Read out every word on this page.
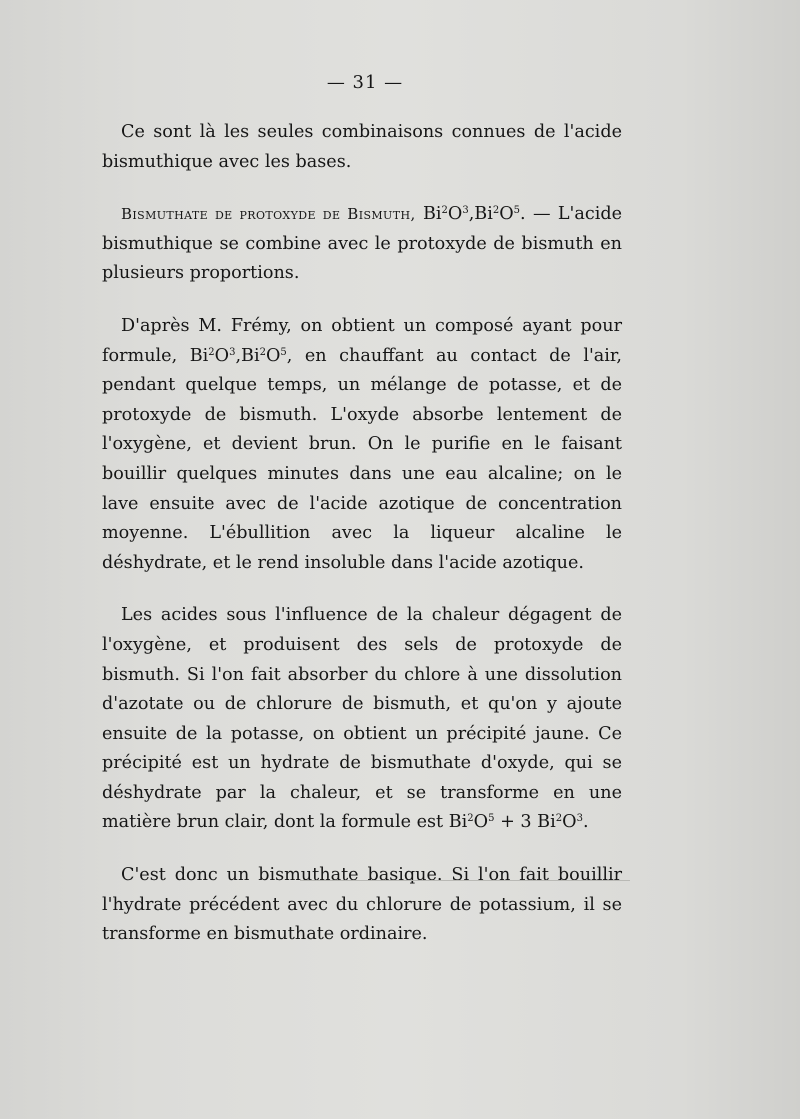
— 31 —

Ce sont là les seules combinaisons connues de l'acide bismuthique avec les bases.

Bismuthate de protoxyde de Bismuth, $Bi^2O^3,Bi^2O^5$. — L'acide bismuthique se combine avec le protoxyde de bismuth en plusieurs proportions.

D'après M. Frémy, on obtient un composé ayant pour formule, $Bi^2O^3,Bi^2O^5$, en chauffant au contact de l'air, pendant quelque temps, un mélange de potasse, et de protoxyde de bismuth. L'oxyde absorbe lentement de l'oxygène, et devient brun. On le purifie en le faisant bouillir quelques minutes dans une eau alcaline; on le lave ensuite avec de l'acide azotique de concentration moyenne. L'ébullition avec la liqueur alcaline le déshydrate, et le rend insoluble dans l'acide azotique.

Les acides sous l'influence de la chaleur dégagent de l'oxygène, et produisent des sels de protoxyde de bismuth. Si l'on fait absorber du chlore à une dissolution d'azotate ou de chlorure de bismuth, et qu'on y ajoute ensuite de la potasse, on obtient un précipité jaune. Ce précipité est un hydrate de bismuthate d'oxyde, qui se déshydrate par la chaleur, et se transforme en une matière brun clair, dont la formule est $Bi^2O^5 + 3$ $Bi^2O^3$.

C'est donc un bismuthate basique. Si l'on fait bouillir l'hydrate précédent avec du chlorure de potassium, il se transforme en bismuthate ordinaire.
